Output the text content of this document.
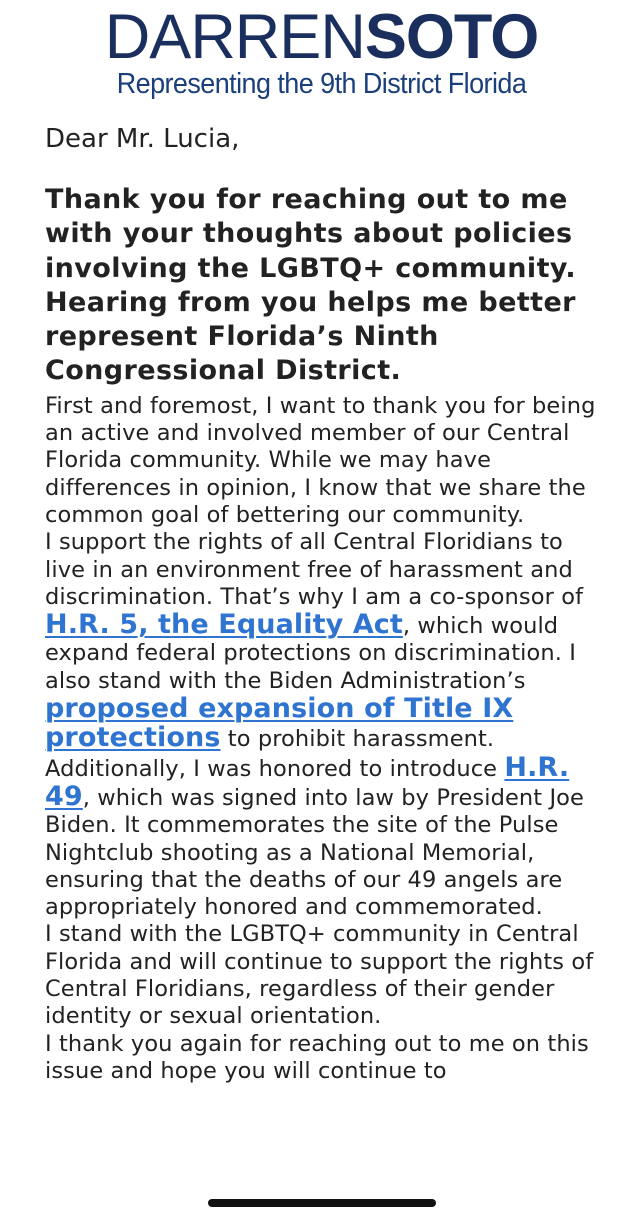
DARRENSOTO
Representing the 9th District Florida

Dear Mr. Lucia,

Thank you for reaching out to me with your thoughts about policies involving the LGBTQ+ community. Hearing from you helps me better represent Florida’s Ninth Congressional District.

First and foremost, I want to thank you for being an active and involved member of our Central Florida community. While we may have differences in opinion, I know that we share the common goal of bettering our community.

I support the rights of all Central Floridians to live in an environment free of harassment and discrimination. That’s why I am a co-sponsor of H.R. 5, the Equality Act, which would expand federal protections on discrimination. I also stand with the Biden Administration’s proposed expansion of Title IX protections to prohibit harassment. Additionally, I was honored to introduce H.R. 49, which was signed into law by President Joe Biden. It commemorates the site of the Pulse Nightclub shooting as a National Memorial, ensuring that the deaths of our 49 angels are appropriately honored and commemorated.

I stand with the LGBTQ+ community in Central Florida and will continue to support the rights of Central Floridians, regardless of their gender identity or sexual orientation.

I thank you again for reaching out to me on this issue and hope you will continue to
